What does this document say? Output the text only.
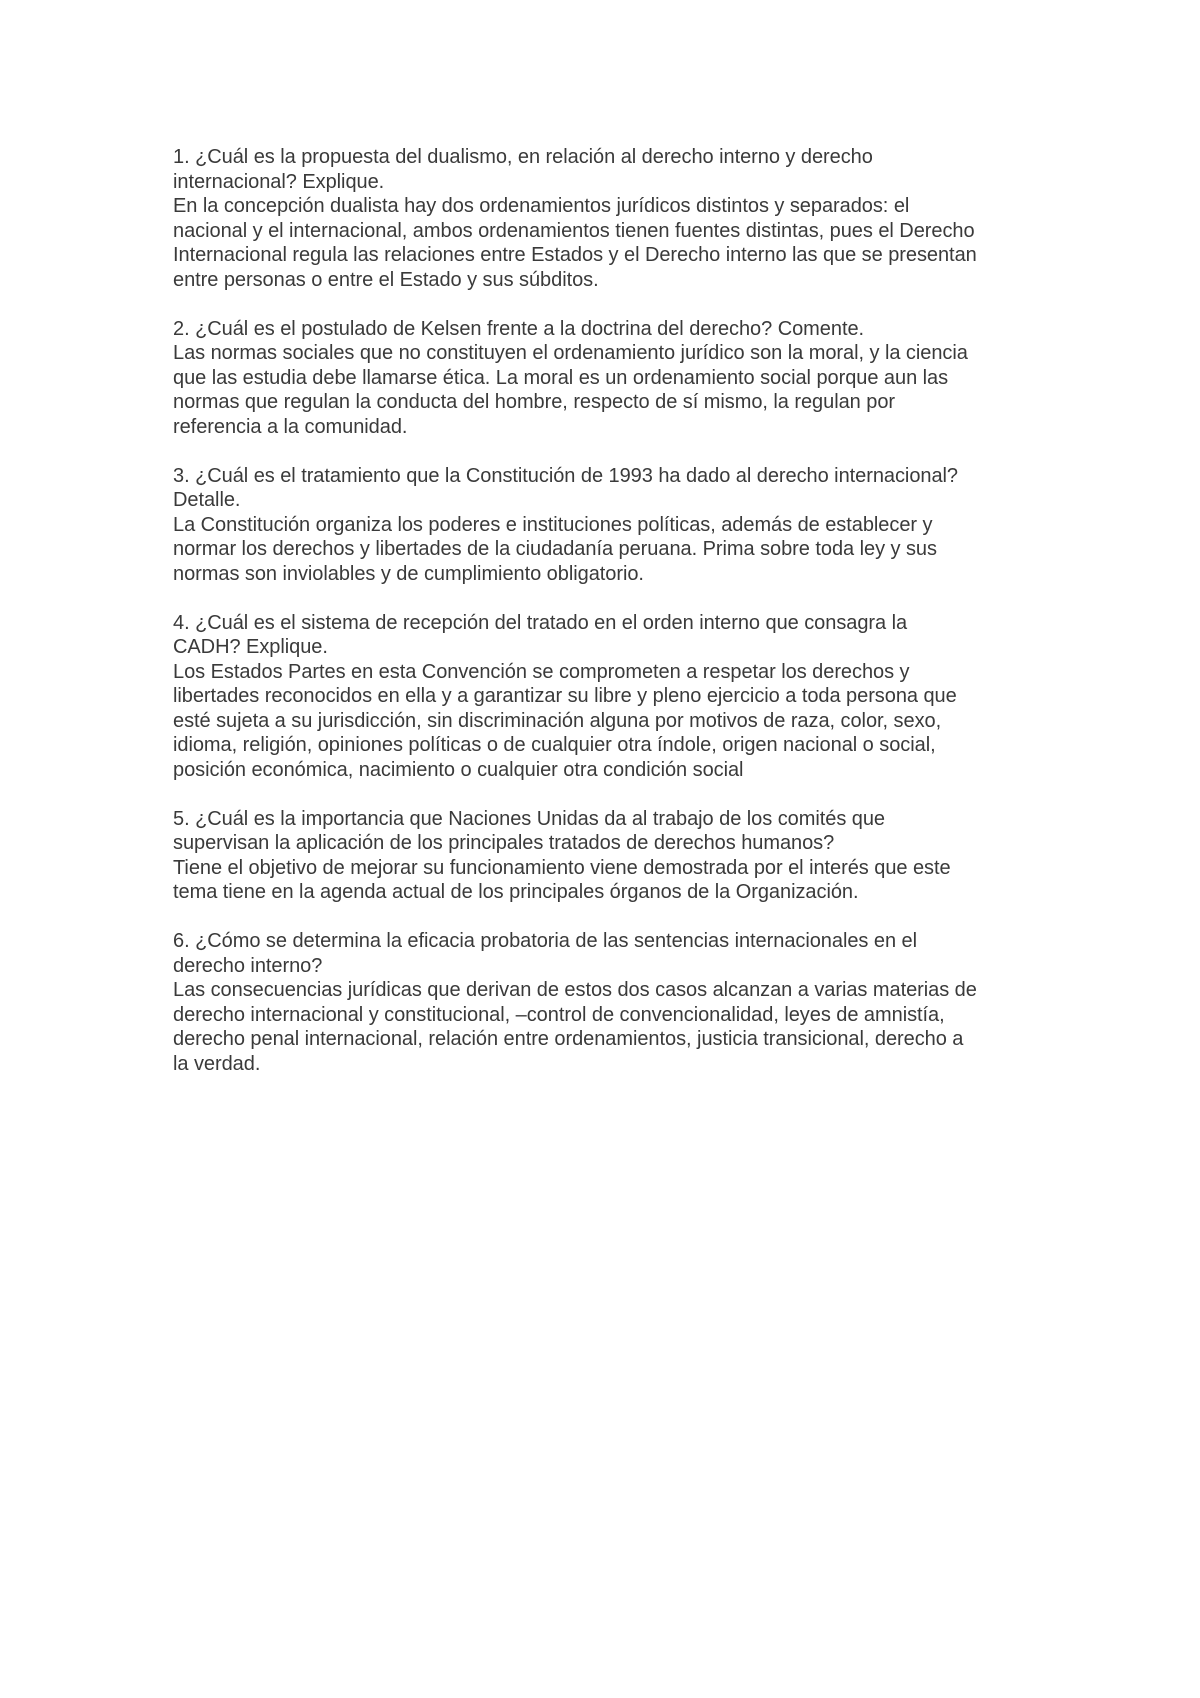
1. ¿Cuál es la propuesta del dualismo, en relación al derecho interno y derecho
internacional? Explique.
En la concepción dualista hay dos ordenamientos jurídicos distintos y separados: el
nacional y el internacional, ambos ordenamientos tienen fuentes distintas, pues el Derecho
Internacional regula las relaciones entre Estados y el Derecho interno las que se presentan
entre personas o entre el Estado y sus súbditos.
2. ¿Cuál es el postulado de Kelsen frente a la doctrina del derecho? Comente.
Las normas sociales que no constituyen el ordenamiento jurídico son la moral, y la ciencia
que las estudia debe llamarse ética. La moral es un ordenamiento social porque aun las
normas que regulan la conducta del hombre, respecto de sí mismo, la regulan por
referencia a la comunidad.
3. ¿Cuál es el tratamiento que la Constitución de 1993 ha dado al derecho internacional?
Detalle.
La Constitución organiza los poderes e instituciones políticas, además de establecer y
normar los derechos y libertades de la ciudadanía peruana. Prima sobre toda ley y sus
normas son inviolables y de cumplimiento obligatorio.
4. ¿Cuál es el sistema de recepción del tratado en el orden interno que consagra la
CADH? Explique.
Los Estados Partes en esta Convención se comprometen a respetar los derechos y
libertades reconocidos en ella y a garantizar su libre y pleno ejercicio a toda persona que
esté sujeta a su jurisdicción, sin discriminación alguna por motivos de raza, color, sexo,
idioma, religión, opiniones políticas o de cualquier otra índole, origen nacional o social,
posición económica, nacimiento o cualquier otra condición social
5. ¿Cuál es la importancia que Naciones Unidas da al trabajo de los comités que
supervisan la aplicación de los principales tratados de derechos humanos?
Tiene el objetivo de mejorar su funcionamiento viene demostrada por el interés que este
tema tiene en la agenda actual de los principales órganos de la Organización.
6. ¿Cómo se determina la eficacia probatoria de las sentencias internacionales en el
derecho interno?
Las consecuencias jurídicas que derivan de estos dos casos alcanzan a varias materias de
derecho internacional y constitucional, –control de convencionalidad, leyes de amnistía,
derecho penal internacional, relación entre ordenamientos, justicia transicional, derecho a
la verdad.
